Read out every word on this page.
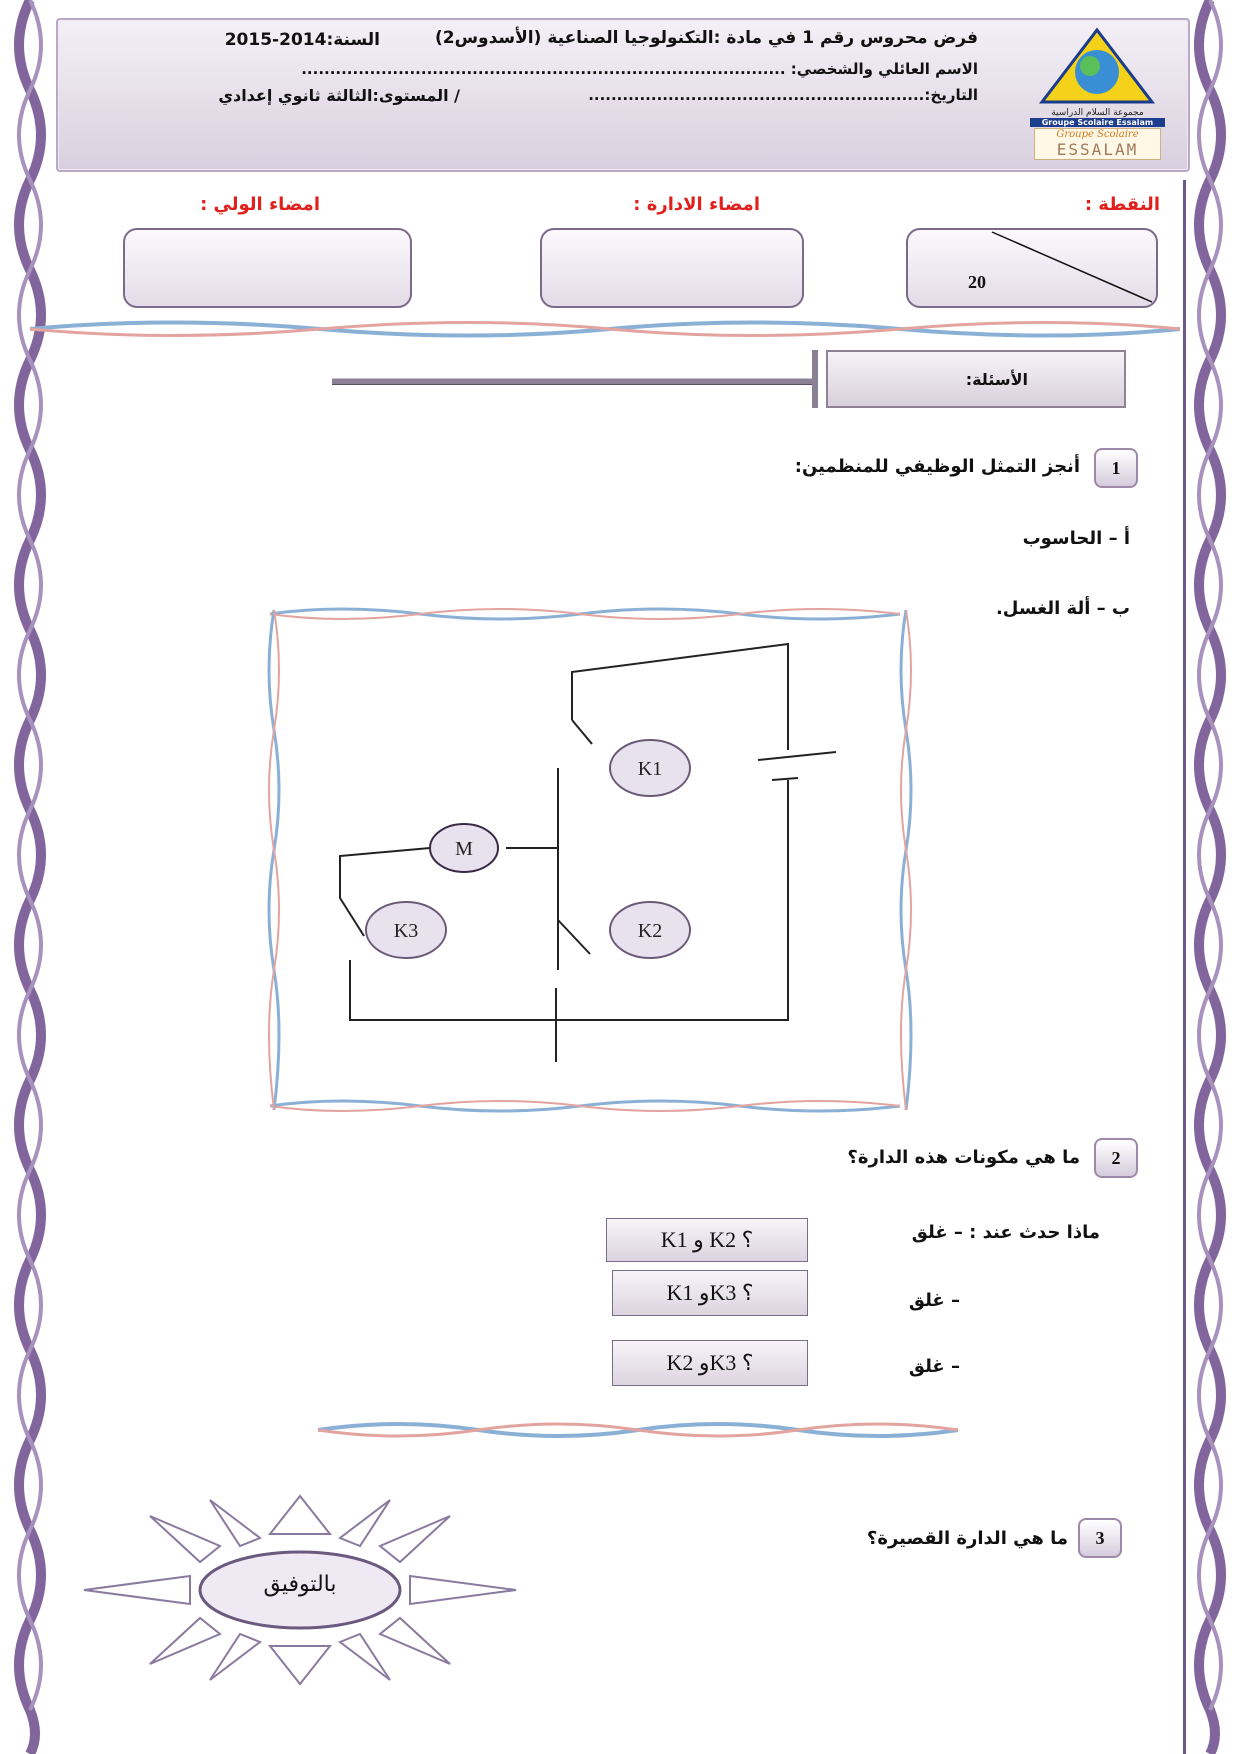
فرض محروس رقم 1 في مادة :التكنولوجيا الصناعية (الأسدوس2)
السنة:2014-2015
الاسم العائلي والشخصي: .....................................................................................
التاريخ:...........................................................
/ المستوى:الثالثة ثانوي إعدادي
مجموعة السلام الدراسية
Groupe Scolaire Essalam
Groupe Scolaire
ESSALAM
النقطة :
امضاء الادارة :
امضاء الولي :
20
الأسئلة:
1
أنجز التمثل الوظيفي للمنظمين:
أ – الحاسوب
ب – ألة الغسل.
K1
K2
K3
M
2
ما هي مكونات هذه الدارة؟
ماذا حدث عند : – غلق
– غلق
– غلق
K1 و K2 ؟
K1 وK3 ؟
K2 وK3 ؟
3
ما هي الدارة القصيرة؟
بالتوفيق
